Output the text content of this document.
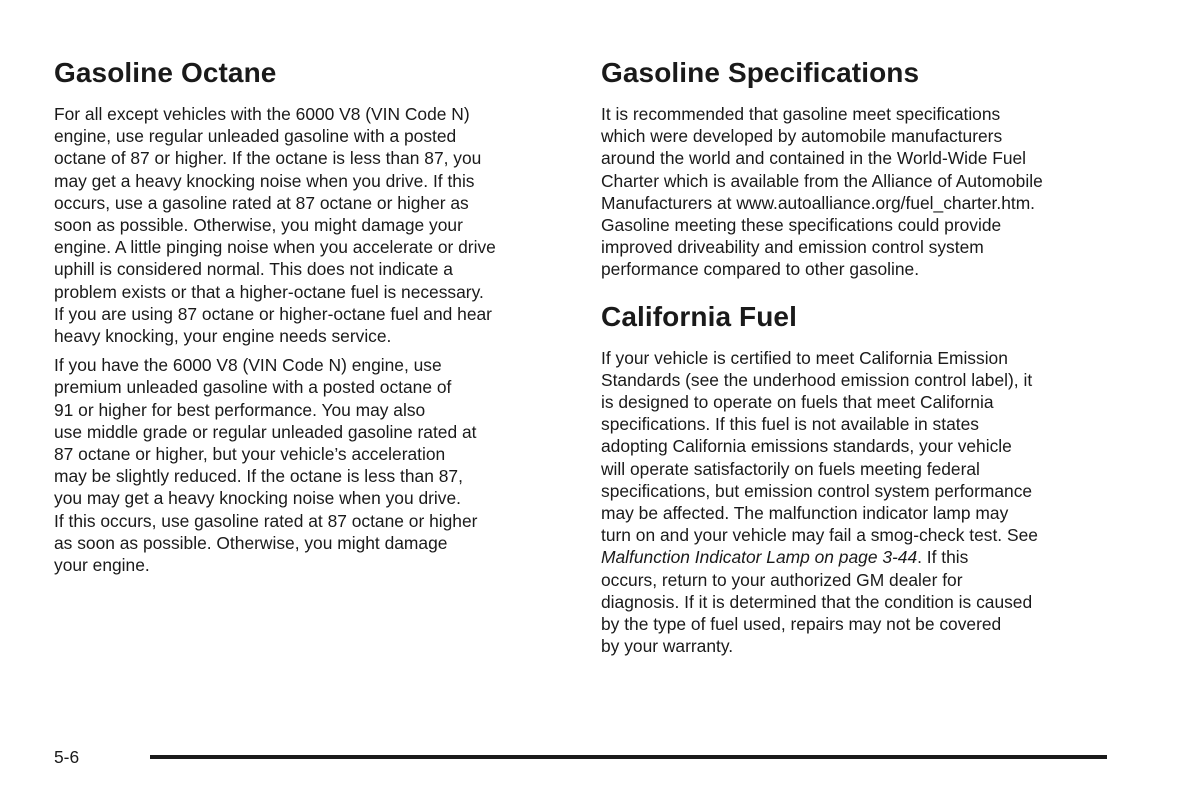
Gasoline Octane

For all except vehicles with the 6000 V8 (VIN Code N)
engine, use regular unleaded gasoline with a posted
octane of 87 or higher. If the octane is less than 87, you
may get a heavy knocking noise when you drive. If this
occurs, use a gasoline rated at 87 octane or higher as
soon as possible. Otherwise, you might damage your
engine. A little pinging noise when you accelerate or drive
uphill is considered normal. This does not indicate a
problem exists or that a higher-octane fuel is necessary.
If you are using 87 octane or higher-octane fuel and hear
heavy knocking, your engine needs service.

If you have the 6000 V8 (VIN Code N) engine, use
premium unleaded gasoline with a posted octane of
91 or higher for best performance. You may also
use middle grade or regular unleaded gasoline rated at
87 octane or higher, but your vehicle’s acceleration
may be slightly reduced. If the octane is less than 87,
you may get a heavy knocking noise when you drive.
If this occurs, use gasoline rated at 87 octane or higher
as soon as possible. Otherwise, you might damage
your engine.

Gasoline Specifications

It is recommended that gasoline meet specifications
which were developed by automobile manufacturers
around the world and contained in the World-Wide Fuel
Charter which is available from the Alliance of Automobile
Manufacturers at www.autoalliance.org/fuel_charter.htm.
Gasoline meeting these specifications could provide
improved driveability and emission control system
performance compared to other gasoline.

California Fuel

If your vehicle is certified to meet California Emission
Standards (see the underhood emission control label), it
is designed to operate on fuels that meet California
specifications. If this fuel is not available in states
adopting California emissions standards, your vehicle
will operate satisfactorily on fuels meeting federal
specifications, but emission control system performance
may be affected. The malfunction indicator lamp may
turn on and your vehicle may fail a smog-check test. See
Malfunction Indicator Lamp on page 3-44. If this
occurs, return to your authorized GM dealer for
diagnosis. If it is determined that the condition is caused
by the type of fuel used, repairs may not be covered
by your warranty.

5-6
